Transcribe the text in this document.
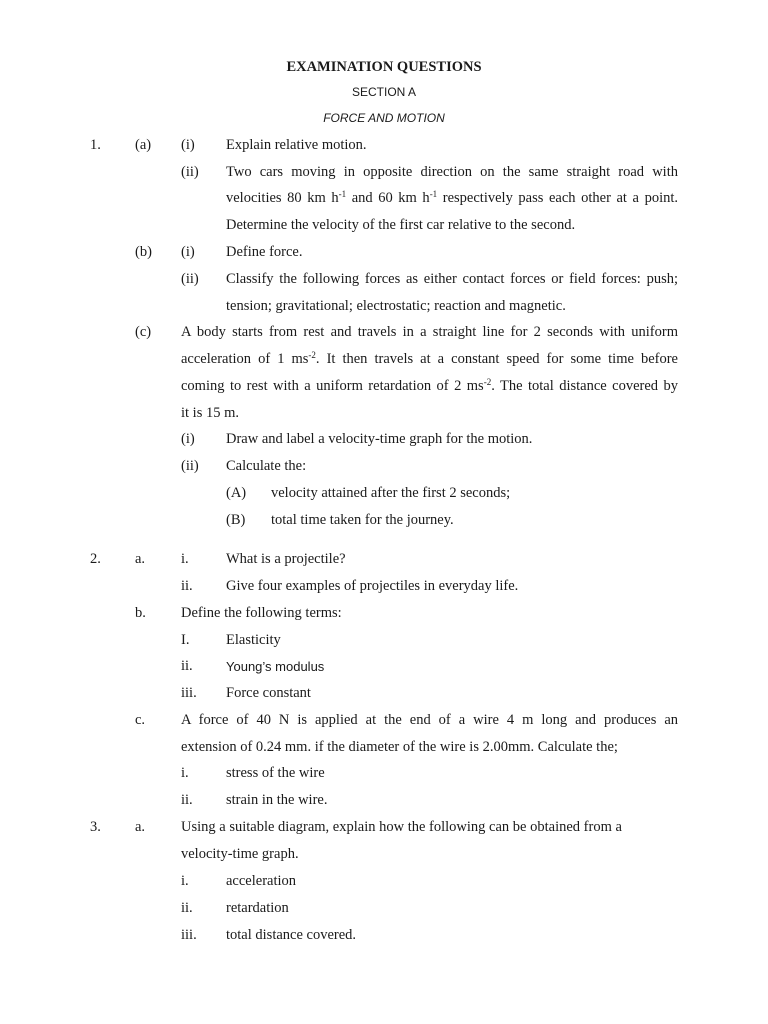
EXAMINATION QUESTIONS
SECTION A
FORCE AND MOTION
1. (a) (i) Explain relative motion.
(ii) Two cars moving in opposite direction on the same straight road with
velocities 80 km $h^{-1}$ and 60 km $h^{-1}$ respectively pass each other at a point.
Determine the velocity of the first car relative to the second.
(b) (i) Define force.
(ii) Classify the following forces as either contact forces or field forces: push;
tension; gravitational; electrostatic; reaction and magnetic.
(c) A body starts from rest and travels in a straight line for 2 seconds with uniform
acceleration of 1 $ms^{-2}$. It then travels at a constant speed for some time before
coming to rest with a uniform retardation of 2 $ms^{-2}$. The total distance covered by
it is 15 m.
(i) Draw and label a velocity-time graph for the motion.
(ii) Calculate the:
(A) velocity attained after the first 2 seconds;
(B) total time taken for the journey.
2. a. i.	What is a projectile?
ii. Give four examples of projectiles in everyday life.
b. Define the following terms:
I.	Elasticity
ii.	Young’s modulus
iii. Force constant
c. A force of 40 N is applied at the end of a wire 4 m long and produces an
extension of 0.24 mm. if the diameter of the wire is 2.00mm. Calculate the;
i.	stress of the wire
ii. strain in the wire.
3. a. Using a suitable diagram, explain how the following can be obtained from a
velocity-time graph.
i.	acceleration
ii. retardation
iii. total distance covered.
